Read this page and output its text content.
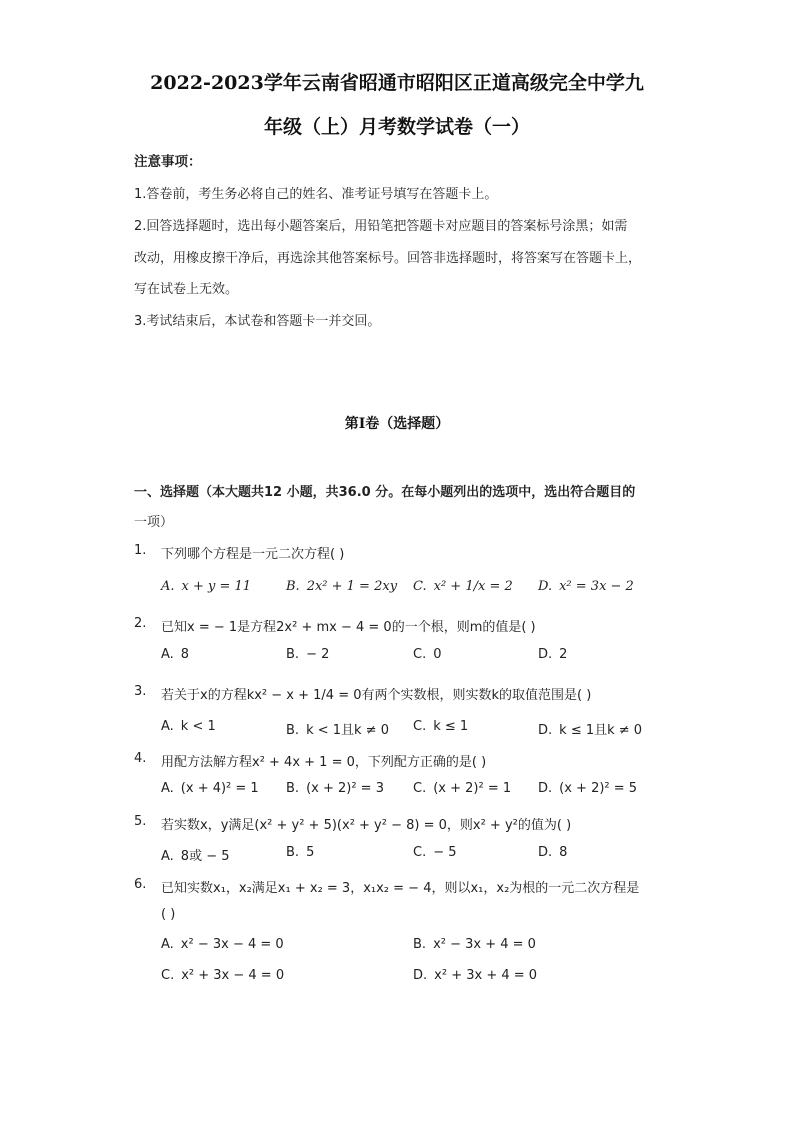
2022-2023学年云南省昭通市昭阳区正道高级完全中学九
年级（上）月考数学试卷（一）
注意事项：
1.答卷前，考生务必将自己的姓名、准考证号填写在答题卡上。
2.回答选择题时，选出每小题答案后，用铅笔把答题卡对应题目的答案标号涂黑；如需
改动，用橡皮擦干净后，再选涂其他答案标号。回答非选择题时，将答案写在答题卡上，
写在试卷上无效。
3.考试结束后，本试卷和答题卡一并交回。
第I卷（选择题）
一、选择题（本大题共12 小题，共36.0 分。在每小题列出的选项中，选出符合题目的
一项）
1. 下列哪个方程是一元二次方程( )
A. x + y = 11	B. 2x² + 1 = 2xy C. x² + 1/x = 2 D. x² = 3x − 2
2. 已知x = − 1是方程2x² + mx − 4 = 0的一个根，则m的值是( )
A. 8	B. − 2	C. 0	D. 2
3. 若关于x的方程kx² − x + 1/4 = 0有两个实数根，则实数k的取值范围是( )
A. k < 1	B. k < 1且k ≠ 0 C. k ≤ 1	D. k ≤ 1且k ≠ 0
4. 用配方法解方程x² + 4x + 1 = 0，下列配方正确的是( )
A. (x + 4)² = 1 B. (x + 2)² = 3 C. (x + 2)² = 1 D. (x + 2)² = 5
5. 若实数x，y满足(x² + y² + 5)(x² + y² − 8) = 0，则x² + y²的值为( )
A. 8或 − 5	B. 5	C. − 5	D. 8
6. 已知实数x₁，x₂满足x₁ + x₂ = 3，x₁x₂ = − 4，则以x₁，x₂为根的一元二次方程是
( )
A. x² − 3x − 4 = 0	B. x² − 3x + 4 = 0
C. x² + 3x − 4 = 0	D. x² + 3x + 4 = 0
